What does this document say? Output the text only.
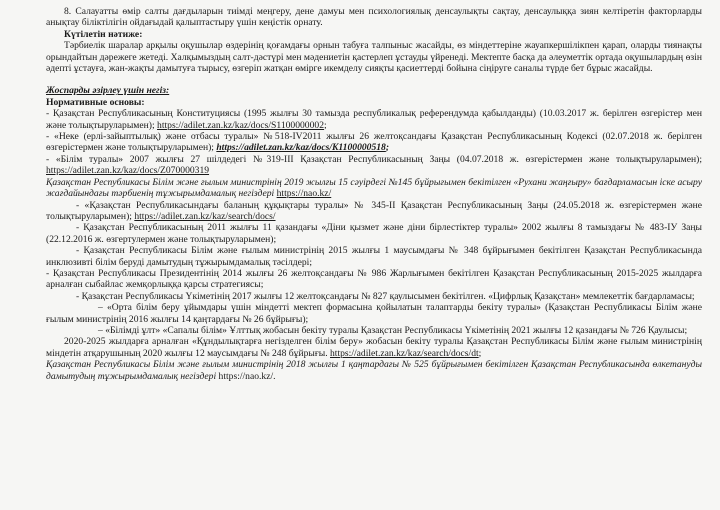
8. Салауатты өмір салты дағдыларын тиімді меңгеру, дене дамуы мен психологиялық денсаулықты сақтау, денсаулыққа зиян келтіретін факторларды анықтау біліктілігін ойдағыдай қалыптастыру үшін кеңістік орнату.

Күтілетін нәтиже:

Тәрбиелік шаралар арқылы оқушылар өздерінің қоғамдағы орнын табуға талпыныс жасайды, өз міндеттеріне жауапкершілікпен қарап, оларды тиянақты орындайтын дәрежеге жетеді. Халқымыздың салт-дәстүрі мен мәдениетін қастерлеп ұстауды үйренеді. Мектепте басқа да әлеуметтік ортада оқушылардың өзін әдепті ұстауға, жан-жақты дамытуға тырысу, өзгеріп жатқан өмірге икемделу сияқты қасиеттерді бойына сіңіруге саналы түрде бет бұрыс жасайды.

Жоспарды әзірлеу үшін негіз:

Нормативные основы:

- Қазақстан Республикасының Конституциясы (1995 жылғы 30 тамызда республикалық референдумда қабылданды) (10.03.2017 ж. берілген өзгерістер мен және толықтыруларымен); https://adilet.zan.kz/kaz/docs/S1100000002;

- «Неке (ерлі-зайыптылық) және отбасы туралы» №518-IV2011 жылғы 26 желтоқсандағы Қазақстан Республикасының Кодексі (02.07.2018 ж. берілген өзгерістермен және толықтыруларымен); https://adilet.zan.kz/kaz/docs/K1100000518;

- «Білім туралы» 2007 жылғы 27 шілдедегі №319-ІІІ Қазақстан Республикасының Заңы (04.07.2018 ж. өзгерістермен және толықтыруларымен); https://adilet.zan.kz/kaz/docs/Z070000319

Қазақстан Республикасы Білім және ғылым министрінің 2019 жылғы 15 сәуірдегі №145 бұйрығымен бекітілген «Рухани жаңғыру» бағдарламасын іске асыру жағдайындағы тәрбиенің тұжырымдамалық негіздері https://nao.kz/

- «Қазақстан Республикасындағы баланың құқықтары туралы» № 345-ІІ Қазақстан Республикасының Заңы (24.05.2018 ж. өзгерістермен және толықтыруларымен); https://adilet.zan.kz/kaz/search/docs/

- Қазақстан Республикасының 2011 жылғы 11 қазандағы «Діни қызмет және діни бірлестіктер туралы» 2002 жылғы 8 тамыздағы № 483-ІУ Заңы (22.12.2016 ж. өзгертулермен және толықтыруларымен);

- Қазақстан Республикасы Білім және ғылым министрінің 2015 жылғы 1 маусымдағы № 348 бұйрығымен бекітілген Қазақстан Республикасында инклюзивті білім беруді дамытудың тұжырымдамалық тәсілдері;

- Қазақстан Республикасы Президентінің 2014 жылғы 26 желтоқсандағы № 986 Жарлығымен бекітілген Қазақстан Республикасының 2015-2025 жылдарға арналған сыбайлас жемқорлыққа қарсы стратегиясы;

- Қазақстан Республикасы Үкіметінің 2017 жылғы 12 желтоқсандағы № 827 қаулысымен бекітілген. «Цифрлық Қазақстан» мемлекеттік бағдарламасы;

– «Орта білім беру ұйымдары үшін міндетті мектеп формасына қойылатын талаптарды бекіту туралы» (Қазақстан Республикасы Білім және ғылым министрінің 2016 жылғы 14 қаңтардағы № 26 бұйрығы);

– «Білімді ұлт» «Сапалы білім» Ұлттық жобасын бекіту туралы Қазақстан Республикасы Үкіметінің 2021 жылғы 12 қазандағы № 726 Қаулысы;

2020-2025 жылдарға арналған «Құндылықтарға негізделген білім беру» жобасын бекіту туралы Қазақстан Республикасы Білім және ғылым министрінің міндетін атқарушының 2020 жылғы 12 маусымдағы № 248 бұйрығы. https://adilet.zan.kz/kaz/search/docs/dt;

Қазақстан Республикасы Білім және ғылым министрінің 2018 жылғы 1 қаңтардағы № 525 бұйрығымен бекітілген Қазақстан Республикасында өлкетануды дамытудың тұжырымдамалық негіздері https://nao.kz/.
